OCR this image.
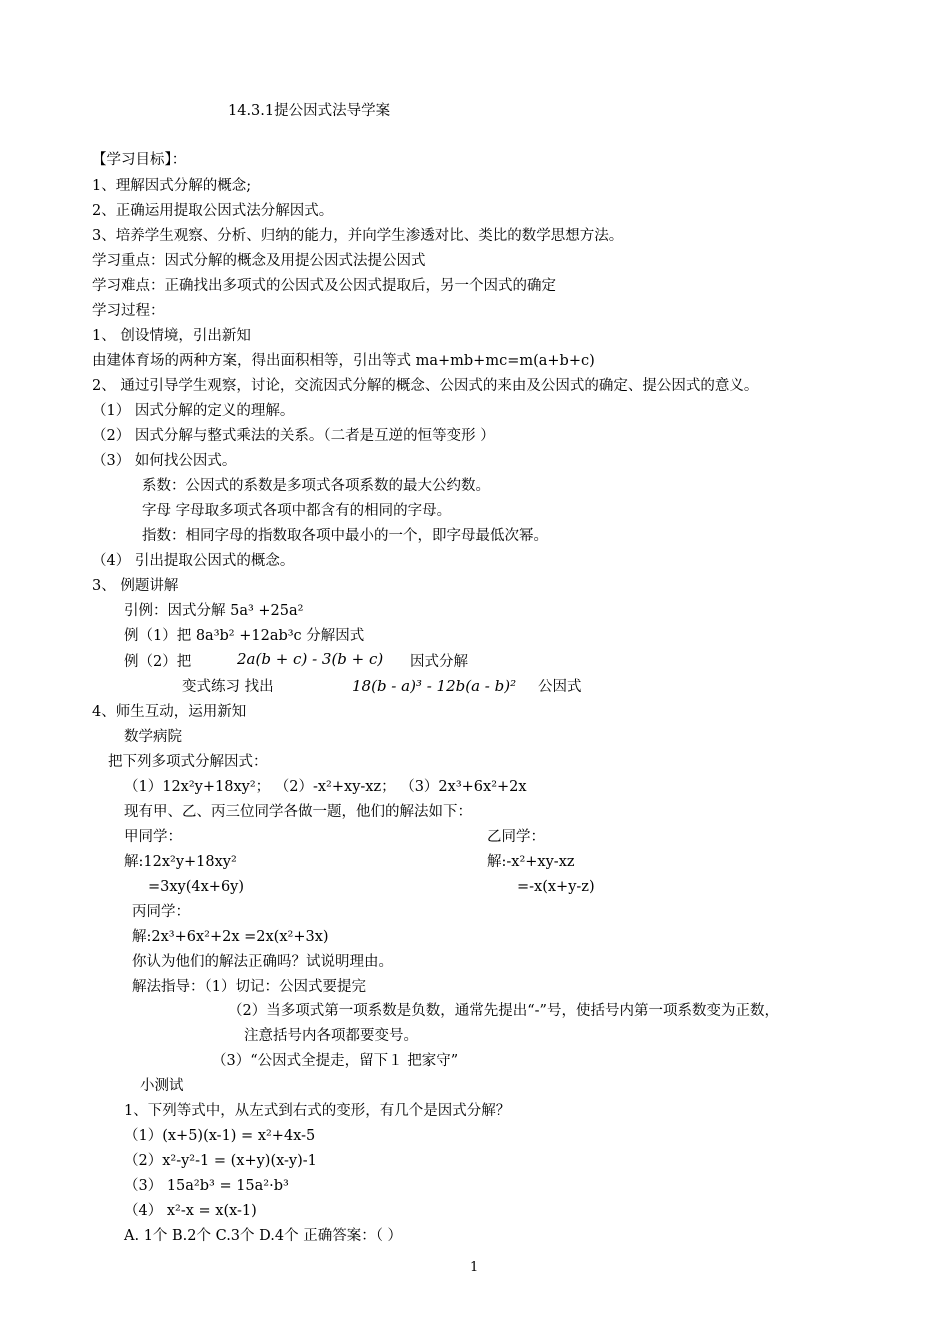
14.3.1提公因式法导学案
【学习目标】：
1、理解因式分解的概念;
2、正确运用提取公因式法分解因式。
3、培养学生观察、分析、归纳的能力，并向学生渗透对比、类比的数学思想方法。
学习重点：因式分解的概念及用提公因式法提公因式
学习难点：正确找出多项式的公因式及公因式提取后，另一个因式的确定
学习过程：
1、 创设情境，引出新知
由建体育场的两种方案，得出面积相等，引出等式 ma+mb+mc=m(a+b+c)
2、 通过引导学生观察，讨论，交流因式分解的概念、公因式的来由及公因式的确定、提公因式的意义。
（1） 因式分解的定义的理解。
（2） 因式分解与整式乘法的关系。（二者是互逆的恒等变形 ）
（3） 如何找公因式。
系数：公因式的系数是多项式各项系数的最大公约数。
字母 字母取多项式各项中都含有的相同的字母。
指数：相同字母的指数取各项中最小的一个，即字母最低次幂。
（4） 引出提取公因式的概念。
3、 例题讲解
引例：因式分解 5a³ +25a²
例（1）把 8a³b² +12ab³c 分解因式
例（2）把	2a(b + c) - 3(b + c) 因式分解
变式练习 找出	18(b - a)³ - 12b(a - b)² 公因式
4、师生互动，运用新知
数学病院
把下列多项式分解因式：
（1）12x²y+18xy²； （2）-x²+xy-xz； （3）2x³+6x²+2x
现有甲、乙、丙三位同学各做一题，他们的解法如下：
甲同学：	乙同学：
解:12x²y+18xy²	解:-x²+xy-xz
=3xy(4x+6y)	=-x(x+y-z)
丙同学：
解:2x³+6x²+2x =2x(x²+3x)
你认为他们的解法正确吗？试说明理由。
解法指导：（1）切记：公因式要提完
（2）当多项式第一项系数是负数，通常先提出“-”号，使括号内第一项系数变为正数，
注意括号内各项都要变号。
（3）“公因式全提走，留下１ 把家守”
小测试
1、下列等式中，从左式到右式的变形，有几个是因式分解？
（1）(x+5)(x-1) = x²+4x-5
（2）x²-y²-1 = (x+y)(x-y)-1
（3） 15a²b³ = 15a²·b³
（4） x²-x = x(x-1)
A. 1个 B.2个 C.3个 D.4个 正确答案：（ ）
1
